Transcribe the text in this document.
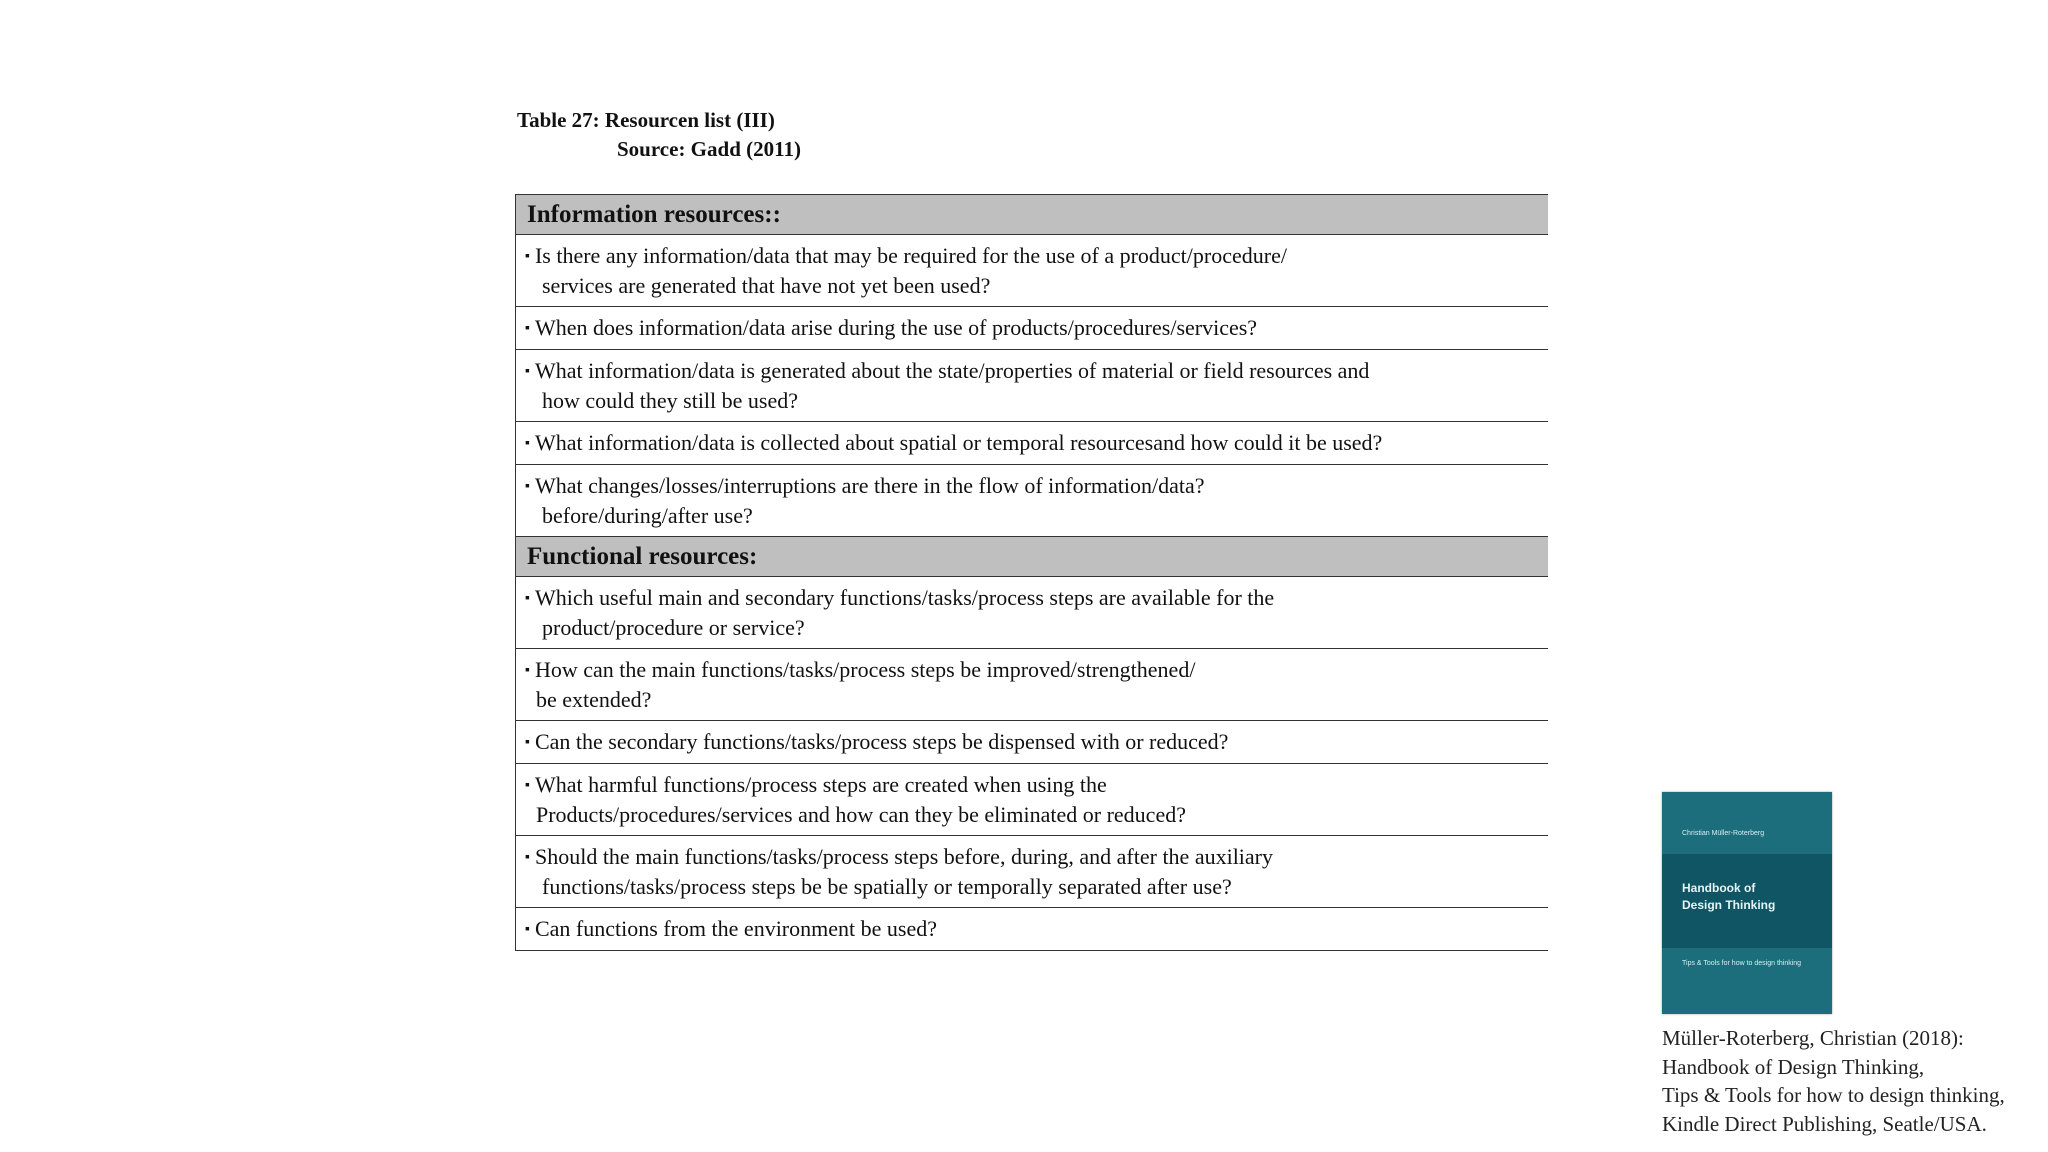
Table 27: Resourcen list (III)
Source: Gadd (2011)
Information resources::
▪ Is there any information/data that may be required for the use of a product/procedure/
services are generated that have not yet been used?
▪ When does information/data arise during the use of products/procedures/services?
▪ What information/data is generated about the state/properties of material or field resources and
how could they still be used?
▪ What information/data is collected about spatial or temporal resourcesand how could it be used?
▪ What changes/losses/interruptions are there in the flow of information/data?
before/during/after use?
Functional resources:
▪ Which useful main and secondary functions/tasks/process steps are available for the
product/procedure or service?
▪ How can the main functions/tasks/process steps be improved/strengthened/
be extended?
▪ Can the secondary functions/tasks/process steps be dispensed with or reduced?
▪ What harmful functions/process steps are created when using the
Products/procedures/services and how can they be eliminated or reduced?
▪ Should the main functions/tasks/process steps before, during, and after the auxiliary
functions/tasks/process steps be be spatially or temporally separated after use?
▪ Can functions from the environment be used?
Christian Müller-Roterberg
Handbook of
Design Thinking
Tips & Tools for how to design thinking
Müller-Roterberg, Christian (2018):
Handbook of Design Thinking,
Tips & Tools for how to design thinking,
Kindle Direct Publishing, Seatle/USA.
